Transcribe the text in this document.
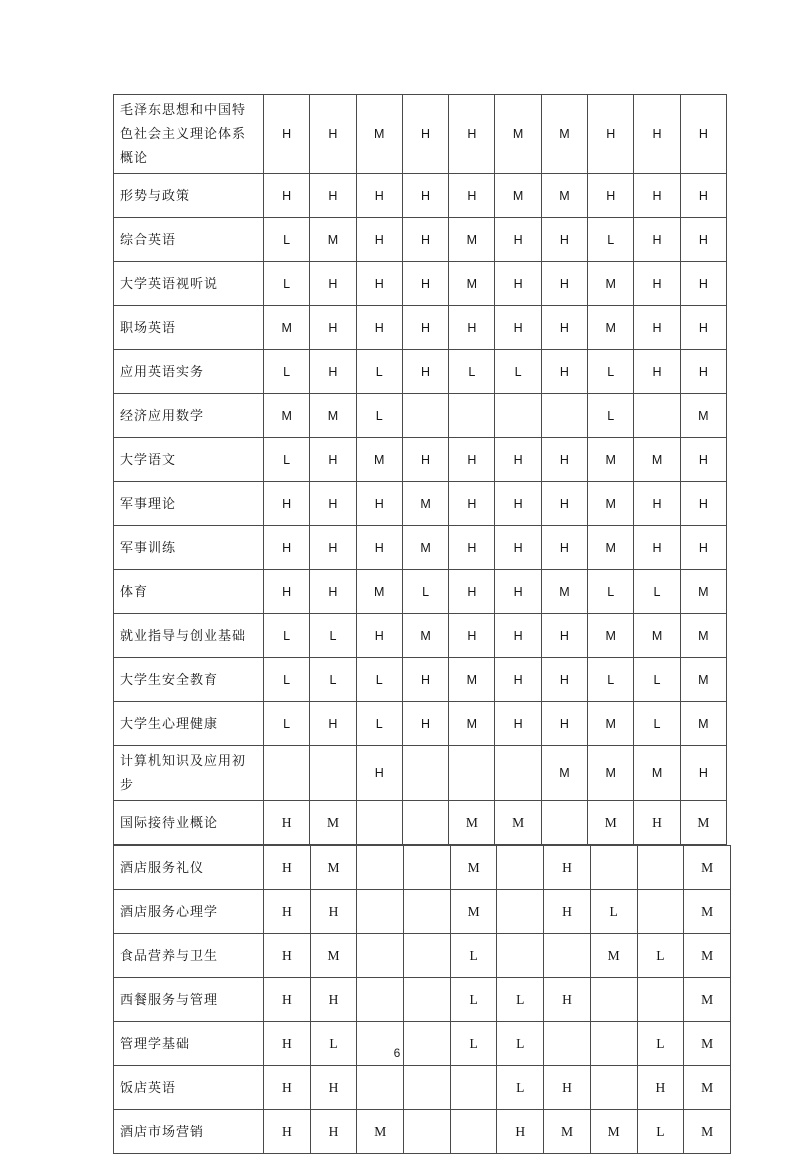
毛泽东思想和中国特色社会主义理论体系概论	H	H	M	H	H	M	M	H	H	H
形势与政策	H	H	H	H	H	M	M	H	H	H
综合英语	L	M	H	H	M	H	H	L	H	H
大学英语视听说	L	H	H	H	M	H	H	M	H	H
职场英语	M	H	H	H	H	H	H	M	H	H
应用英语实务	L	H	L	H	L	L	H	L	H	H
经济应用数学	M	M	L					L		M
大学语文	L	H	M	H	H	H	H	M	M	H
军事理论	H	H	H	M	H	H	H	M	H	H
军事训练	H	H	H	M	H	H	H	M	H	H
体育	H	H	M	L	H	H	M	L	L	M
就业指导与创业基础	L	L	H	M	H	H	H	M	M	M
大学生安全教育	L	L	L	H	M	H	H	L	L	M
大学生心理健康	L	H	L	H	M	H	H	M	L	M
计算机知识及应用初步			H				M	M	M	H
国际接待业概论	H	M			M	M		M	H	M
酒店服务礼仪	H	M			M		H			M
酒店服务心理学	H	H			M		H	L		M
食品营养与卫生	H	M			L			M	L	M
西餐服务与管理	H	H			L	L	H			M
管理学基础	H	L			L	L			L	M
饭店英语	H	H				L	H		H	M
酒店市场营销	H	H	M			H	M	M	L	M
6
